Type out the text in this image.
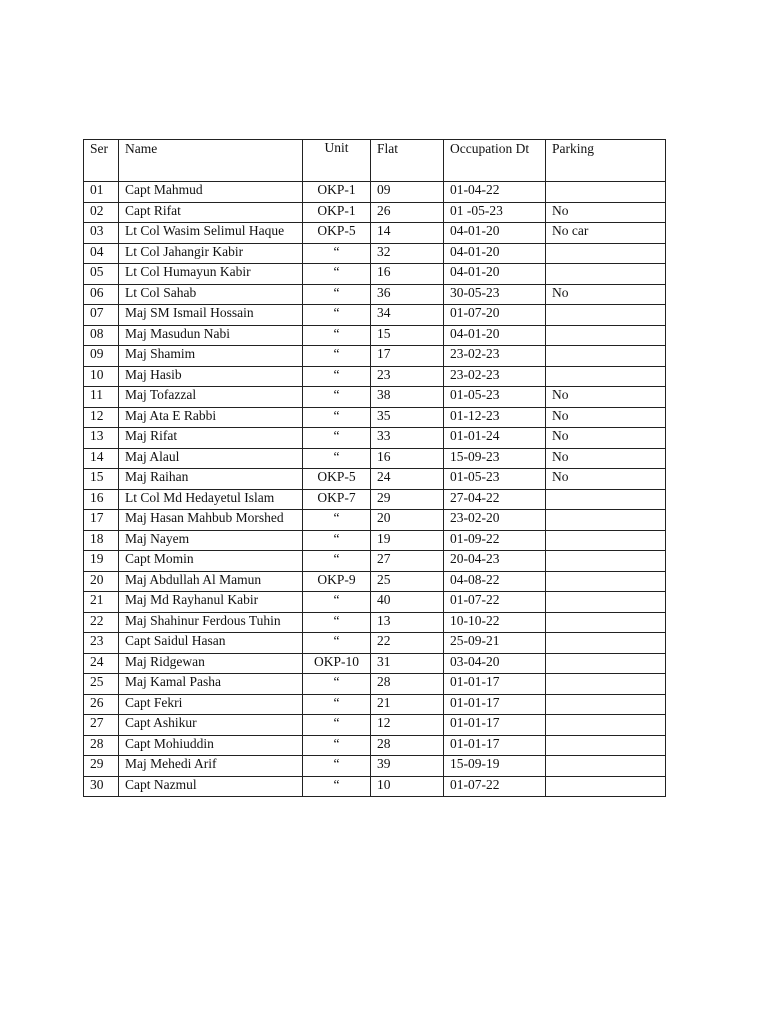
Ser	Name	Unit	Flat	Occupation Dt	Parking
01	Capt Mahmud	OKP-1	09	01-04-22	
02	Capt Rifat	OKP-1	26	01 -05-23	No
03	Lt Col Wasim Selimul Haque	OKP-5	14	04-01-20	No car
04	Lt Col Jahangir Kabir	“	32	04-01-20	
05	Lt Col Humayun Kabir	“	16	04-01-20	
06	Lt Col Sahab	“	36	30-05-23	No
07	Maj SM Ismail Hossain	“	34	01-07-20	
08	Maj Masudun Nabi	“	15	04-01-20	
09	Maj Shamim	“	17	23-02-23	
10	Maj Hasib	“	23	23-02-23	
11	Maj Tofazzal	“	38	01-05-23	No
12	Maj Ata E Rabbi	“	35	01-12-23	No
13	Maj Rifat	“	33	01-01-24	No
14	Maj Alaul	“	16	15-09-23	No
15	Maj Raihan	OKP-5	24	01-05-23	No
16	Lt Col Md Hedayetul Islam	OKP-7	29	27-04-22	
17	Maj Hasan Mahbub Morshed	“	20	23-02-20	
18	Maj Nayem	“	19	01-09-22	
19	Capt Momin	“	27	20-04-23	
20	Maj Abdullah Al Mamun	OKP-9	25	04-08-22	
21	Maj Md Rayhanul Kabir	“	40	01-07-22	
22	Maj Shahinur Ferdous Tuhin	“	13	10-10-22	
23	Capt Saidul Hasan	“	22	25-09-21	
24	Maj Ridgewan	OKP-10	31	03-04-20	
25	Maj Kamal Pasha	“	28	01-01-17	
26	Capt Fekri	“	21	01-01-17	
27	Capt Ashikur	“	12	01-01-17	
28	Capt Mohiuddin	“	28	01-01-17	
29	Maj Mehedi Arif	“	39	15-09-19	
30	Capt Nazmul	“	10	01-07-22	
